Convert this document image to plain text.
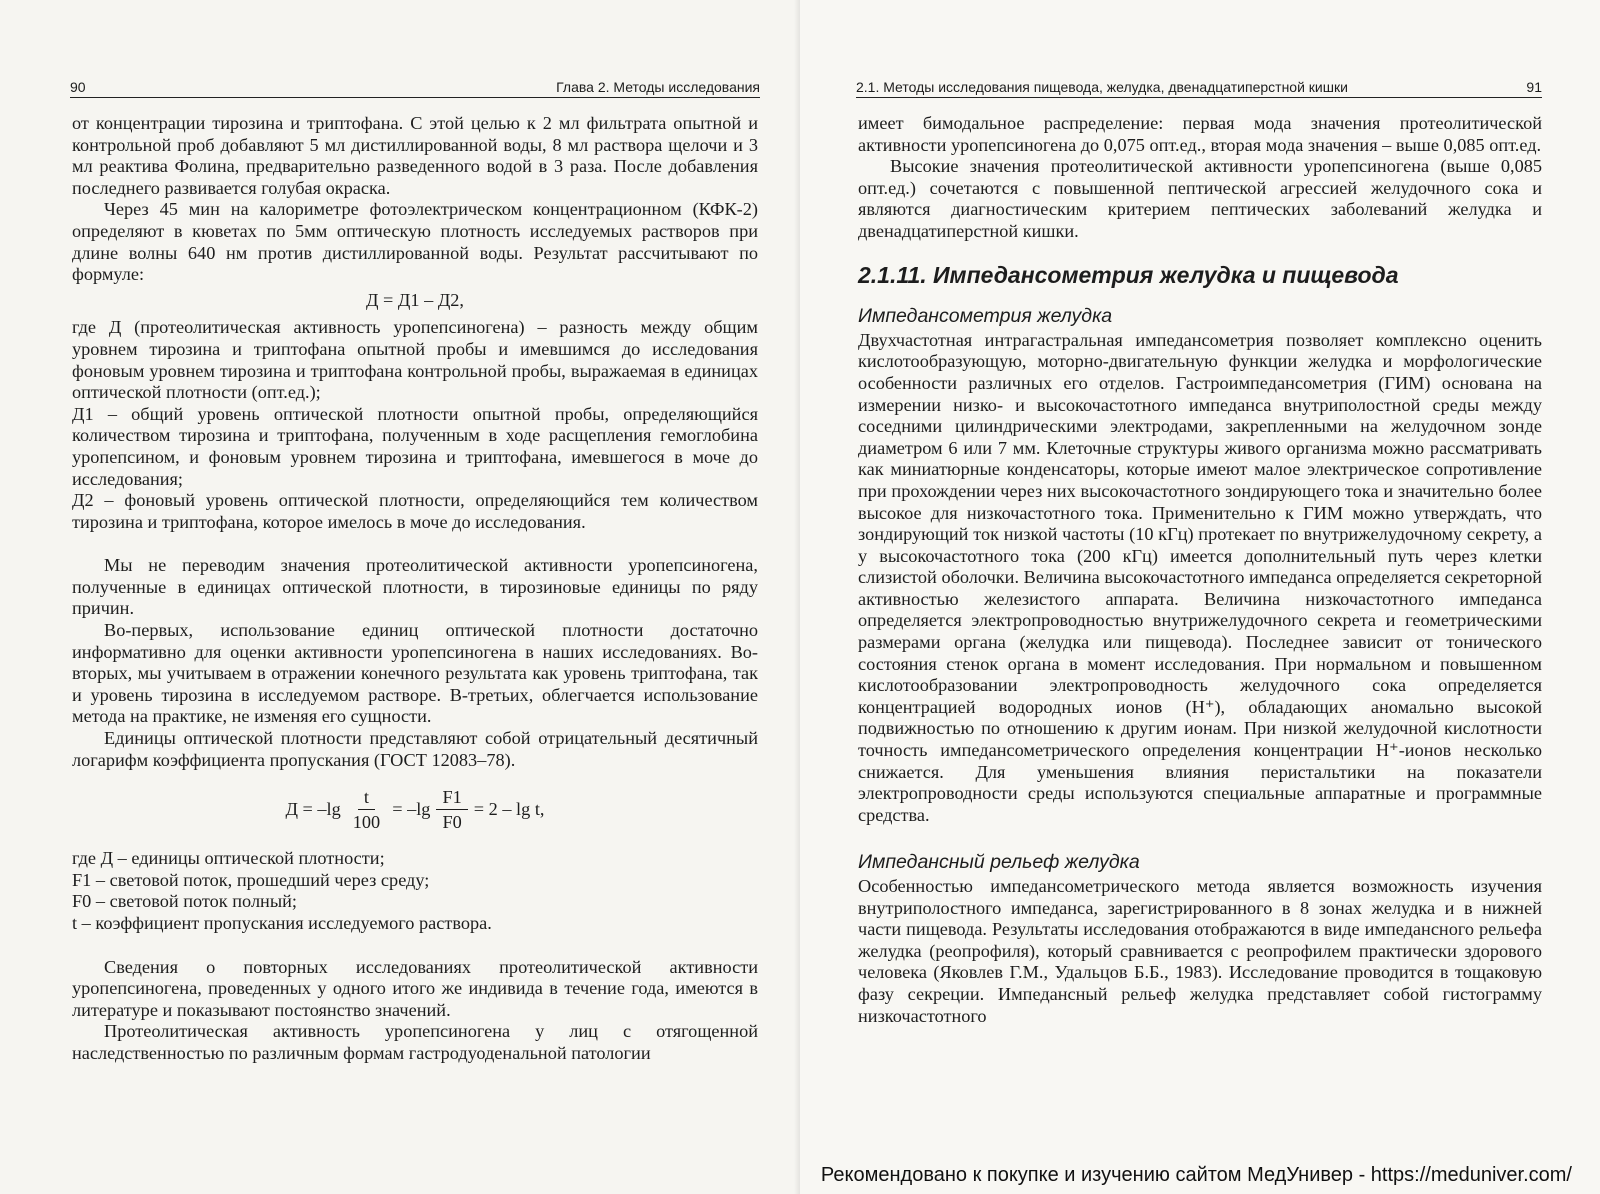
90	Глава 2. Методы исследования

от концентрации тирозина и триптофана. С этой целью к 2 мл фильтрата опытной и контрольной проб добавляют 5 мл дистиллированной воды, 8 мл раствора щелочи и 3 мл реактива Фолина, предварительно разведенного водой в 3 раза. После добавления последнего развивается голубая окраска.

Через 45 мин на калориметре фотоэлектрическом концентрационном (КФК-2) определяют в кюветах по 5мм оптическую плотность исследуемых растворов при длине волны 640 нм против дистиллированной воды. Результат рассчитывают по формуле:

Д = Д1 – Д2,

где Д (протеолитическая активность уропепсиногена) – разность между общим уровнем тирозина и триптофана опытной пробы и имевшимся до исследования фоновым уровнем тирозина и триптофана контрольной пробы, выражаемая в единицах оптической плотности (опт.ед.);

Д1 – общий уровень оптической плотности опытной пробы, определяющийся количеством тирозина и триптофана, полученным в ходе расщепления гемоглобина уропепсином, и фоновым уровнем тирозина и триптофана, имевшегося в моче до исследования;

Д2 – фоновый уровень оптической плотности, определяющийся тем количеством тирозина и триптофана, которое имелось в моче до исследования.

Мы не переводим значения протеолитической активности уропепсиногена, полученные в единицах оптической плотности, в тирозиновые единицы по ряду причин.

Во-первых, использование единиц оптической плотности достаточно информативно для оценки активности уропепсиногена в наших исследованиях. Во-вторых, мы учитываем в отражении конечного результата как уровень триптофана, так и уровень тирозина в исследуемом растворе. В-третьих, облегчается использование метода на практике, не изменяя его сущности.

Единицы оптической плотности представляют собой отрицательный десятичный логарифм коэффициента пропускания (ГОСТ 12083–78).

$Д = -\lg \frac{t}{100} = -\lg \frac{F1}{F0} = 2 - \lg t$,

где Д – единицы оптической плотности;

F1 – световой поток, прошедший через среду;

F0 – световой поток полный;

t – коэффициент пропускания исследуемого раствора.

Сведения о повторных исследованиях протеолитической активности уропепсиногена, проведенных у одного итого же индивида в течение года, имеются в литературе и показывают постоянство значений.

Протеолитическая активность уропепсиногена у лиц с отягощенной наследственностью по различным формам гастродуоденальной патологии

2.1. Методы исследования пищевода, желудка, двенадцатиперстной кишки	91

имеет бимодальное распределение: первая мода значения протеолитической активности уропепсиногена до 0,075 опт.ед., вторая мода значения – выше 0,085 опт.ед.

Высокие значения протеолитической активности уропепсиногена (выше 0,085 опт.ед.) сочетаются с повышенной пептической агрессией желудочного сока и являются диагностическим критерием пептических заболеваний желудка и двенадцатиперстной кишки.

2.1.11. Импедансометрия желудка и пищевода
Импедансометрия желудка

Двухчастотная интрагастральная импедансометрия позволяет комплексно оценить кислотообразующую, моторно-двигательную функции желудка и морфологические особенности различных его отделов. Гастроимпедансометрия (ГИМ) основана на измерении низко- и высокочастотного импеданса внутриполостной среды между соседними цилиндрическими электродами, закрепленными на желудочном зонде диаметром 6 или 7 мм. Клеточные структуры живого организма можно рассматривать как миниатюрные конденсаторы, которые имеют малое электрическое сопротивление при прохождении через них высокочастотного зондирующего тока и значительно более высокое для низкочастотного тока. Применительно к ГИМ можно утверждать, что зондирующий ток низкой частоты (10 кГц) протекает по внутрижелудочному секрету, а у высокочастотного тока (200 кГц) имеется дополнительный путь через клетки слизистой оболочки. Величина высокочастотного импеданса определяется секреторной активностью железистого аппарата. Величина низкочастотного импеданса определяется электропроводностью внутрижелудочного секрета и геометрическими размерами органа (желудка или пищевода). Последнее зависит от тонического состояния стенок органа в момент исследования. При нормальном и повышенном кислотообразовании электропроводность желудочного сока определяется концентрацией водородных ионов (Н⁺), обладающих аномально высокой подвижностью по отношению к другим ионам. При низкой желудочной кислотности точность импедансометрического определения концентрации Н⁺-ионов несколько снижается. Для уменьшения влияния перистальтики на показатели электропроводности среды используются специальные аппаратные и программные средства.

Импедансный рельеф желудка

Особенностью импедансометрического метода является возможность изучения внутриполостного импеданса, зарегистрированного в 8 зонах желудка и в нижней части пищевода. Результаты исследования отображаются в виде импедансного рельефа желудка (реопрофиля), который сравнивается с реопрофилем практически здорового человека (Яковлев Г.М., Удальцов Б.Б., 1983). Исследование проводится в тощаковую фазу секреции. Импедансный рельеф желудка представляет собой гистограмму низкочастотного

Рекомендовано к покупке и изучению сайтом МедУнивер - https://meduniver.com/
